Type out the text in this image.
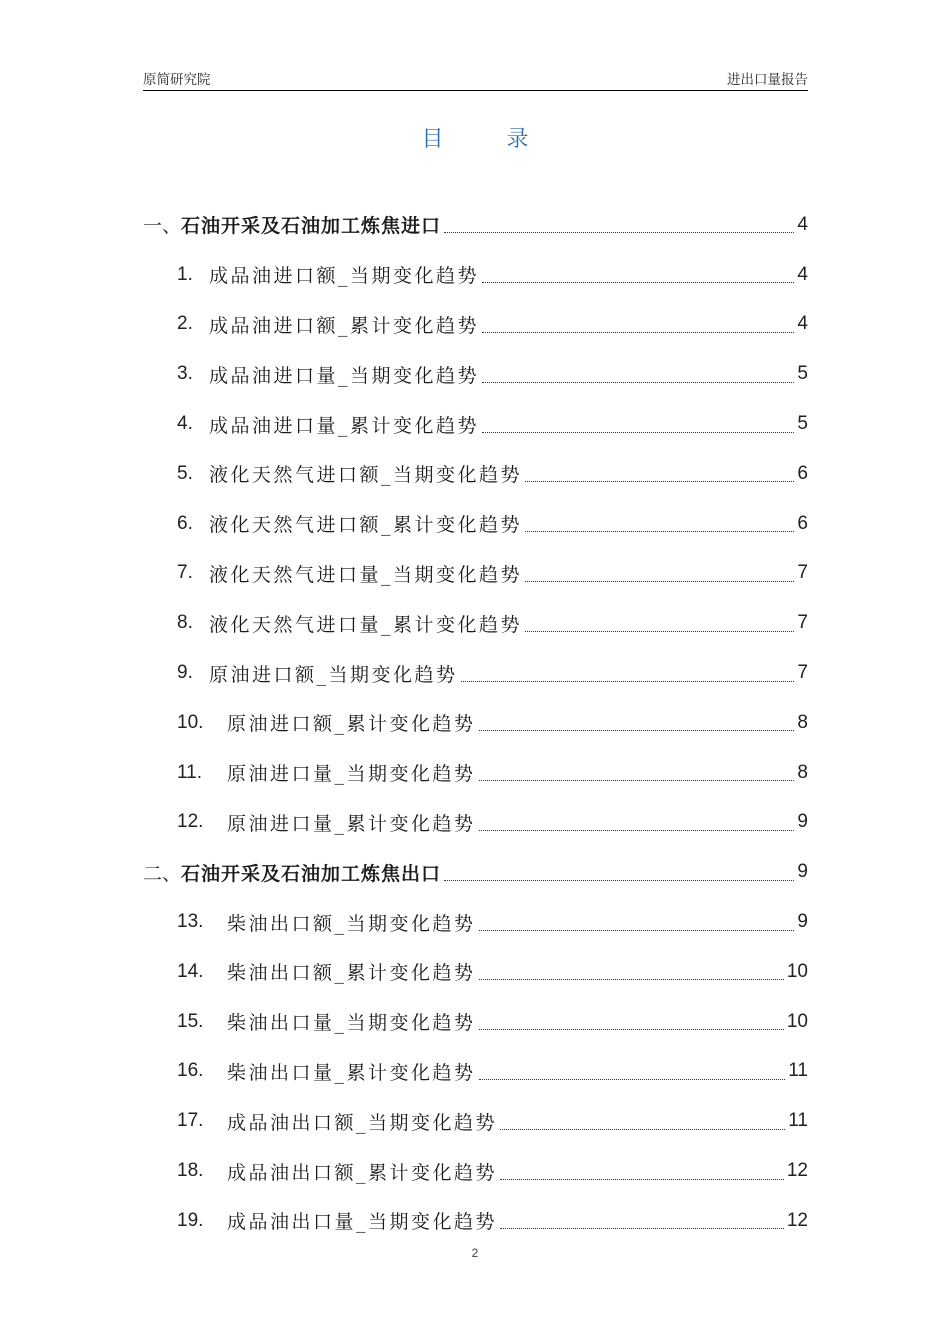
原简研究院	进出口量报告
目 录
一、 石油开采及石油加工炼焦进口	4
1. 成品油进口额_当期变化趋势	4
2. 成品油进口额_累计变化趋势	4
3. 成品油进口量_当期变化趋势	5
4. 成品油进口量_累计变化趋势	5
5. 液化天然气进口额_当期变化趋势	6
6. 液化天然气进口额_累计变化趋势	6
7. 液化天然气进口量_当期变化趋势	7
8. 液化天然气进口量_累计变化趋势	7
9. 原油进口额_当期变化趋势	7
10.	原油进口额_累计变化趋势	8
11.	原油进口量_当期变化趋势	8
12.	原油进口量_累计变化趋势	9
二、 石油开采及石油加工炼焦出口	9
13.	柴油出口额_当期变化趋势	9
14.	柴油出口额_累计变化趋势	10
15.	柴油出口量_当期变化趋势	10
16.	柴油出口量_累计变化趋势	11
17.	成品油出口额_当期变化趋势	11
18.	成品油出口额_累计变化趋势	12
19.	成品油出口量_当期变化趋势	12
2
